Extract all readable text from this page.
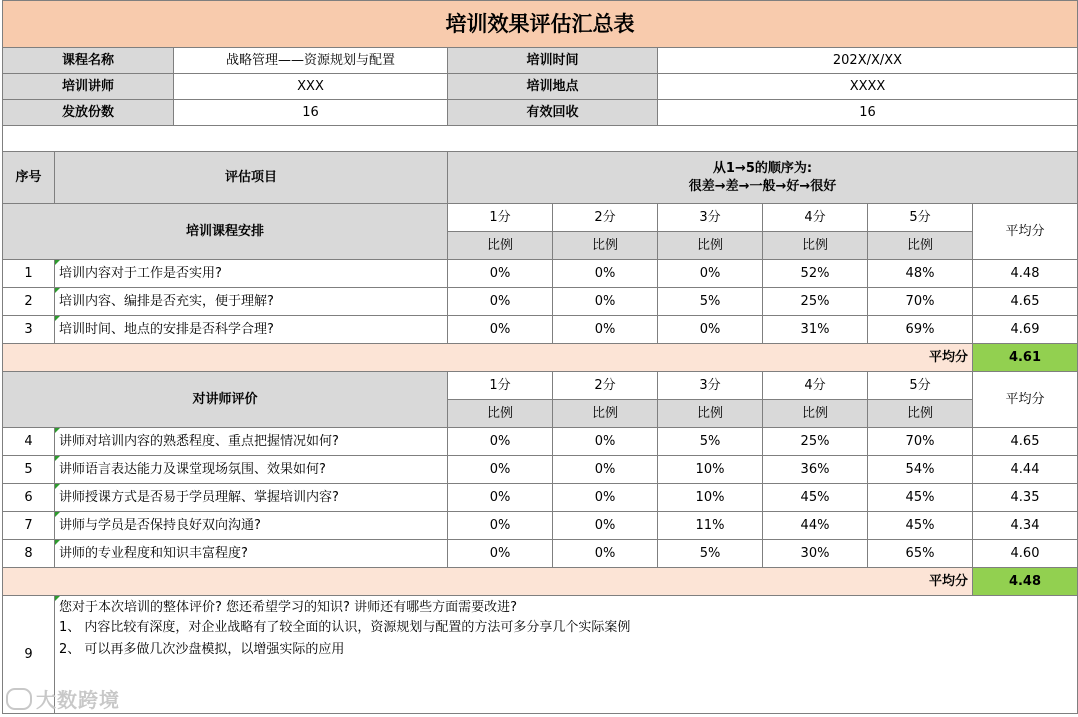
培训效果评估汇总表								
课程名称		战略管理——资源规划与配置	培训时间		202X/X/XX			
培训讲师		XXX	培训地点		XXXX			
发放份数		16	有效回收		16			

序号	评估项目		从1→5的顺序为:
很差→差→一般→好→很好					

培训课程安排			1分	2分	3分	4分	5分	平均分
			比例	比例	比例	比例	比例	
1	培训内容对于工作是否实用?		0%	0%	0%	52%	48%	4.48
2	培训内容、编排是否充实，便于理解?		0%	0%	5%	25%	70%	4.65
3	培训时间、地点的安排是否科学合理?		0%	0%	0%	31%	69%	4.69
平均分								4.61
对讲师评价			1分	2分	3分	4分	5分	平均分
			比例	比例	比例	比例	比例	
4	讲师对培训内容的熟悉程度、重点把握情况如何?		0%	0%	5%	25%	70%	4.65
5	讲师语言表达能力及课堂现场氛围、效果如何?		0%	0%	10%	36%	54%	4.44
6	讲师授课方式是否易于学员理解、掌握培训内容?		0%	0%	10%	45%	45%	4.35
7	讲师与学员是否保持良好双向沟通?		0%	0%	11%	44%	45%	4.34
8	讲师的专业程度和知识丰富程度?		0%	0%	5%	30%	65%	4.60
平均分								4.48
9	您对于本次培训的整体评价? 您还希望学习的知识? 讲师还有哪些方面需要改进?
1、 内容比较有深度，对企业战略有了较全面的认识，资源规划与配置的方法可多分享几个实际案例
2、 可以再多做几次沙盘模拟，以增强实际的应用							
大数跨境
